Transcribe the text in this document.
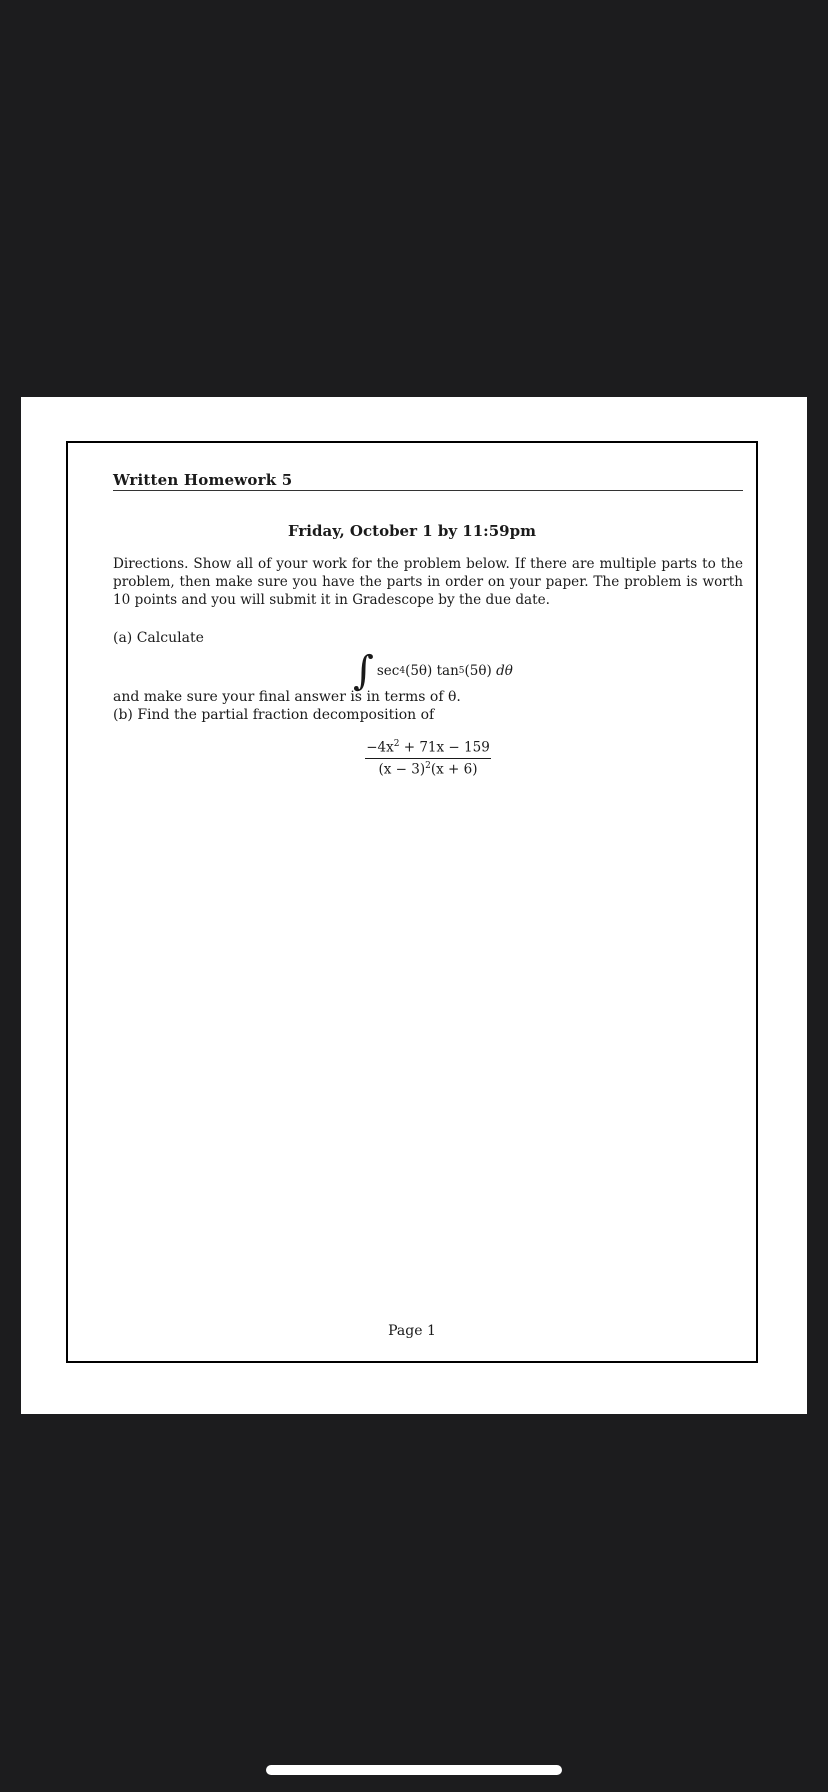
Written Homework 5
Friday, October 1 by 11:59pm
Directions. Show all of your work for the problem below. If there are multiple parts to the problem, then make sure you have the parts in order on your paper. The problem is worth 10 points and you will submit it in Gradescope by the due date.
(a) Calculate
∫ sec 4 (5θ)
tan 5 (5θ)
dθ
and make sure your final answer is in terms of θ.
(b) Find the partial fraction decomposition of
$\frac{-4x^2 + 71x - 159}{(x - 3)^2(x + 6)}$
Page 1
